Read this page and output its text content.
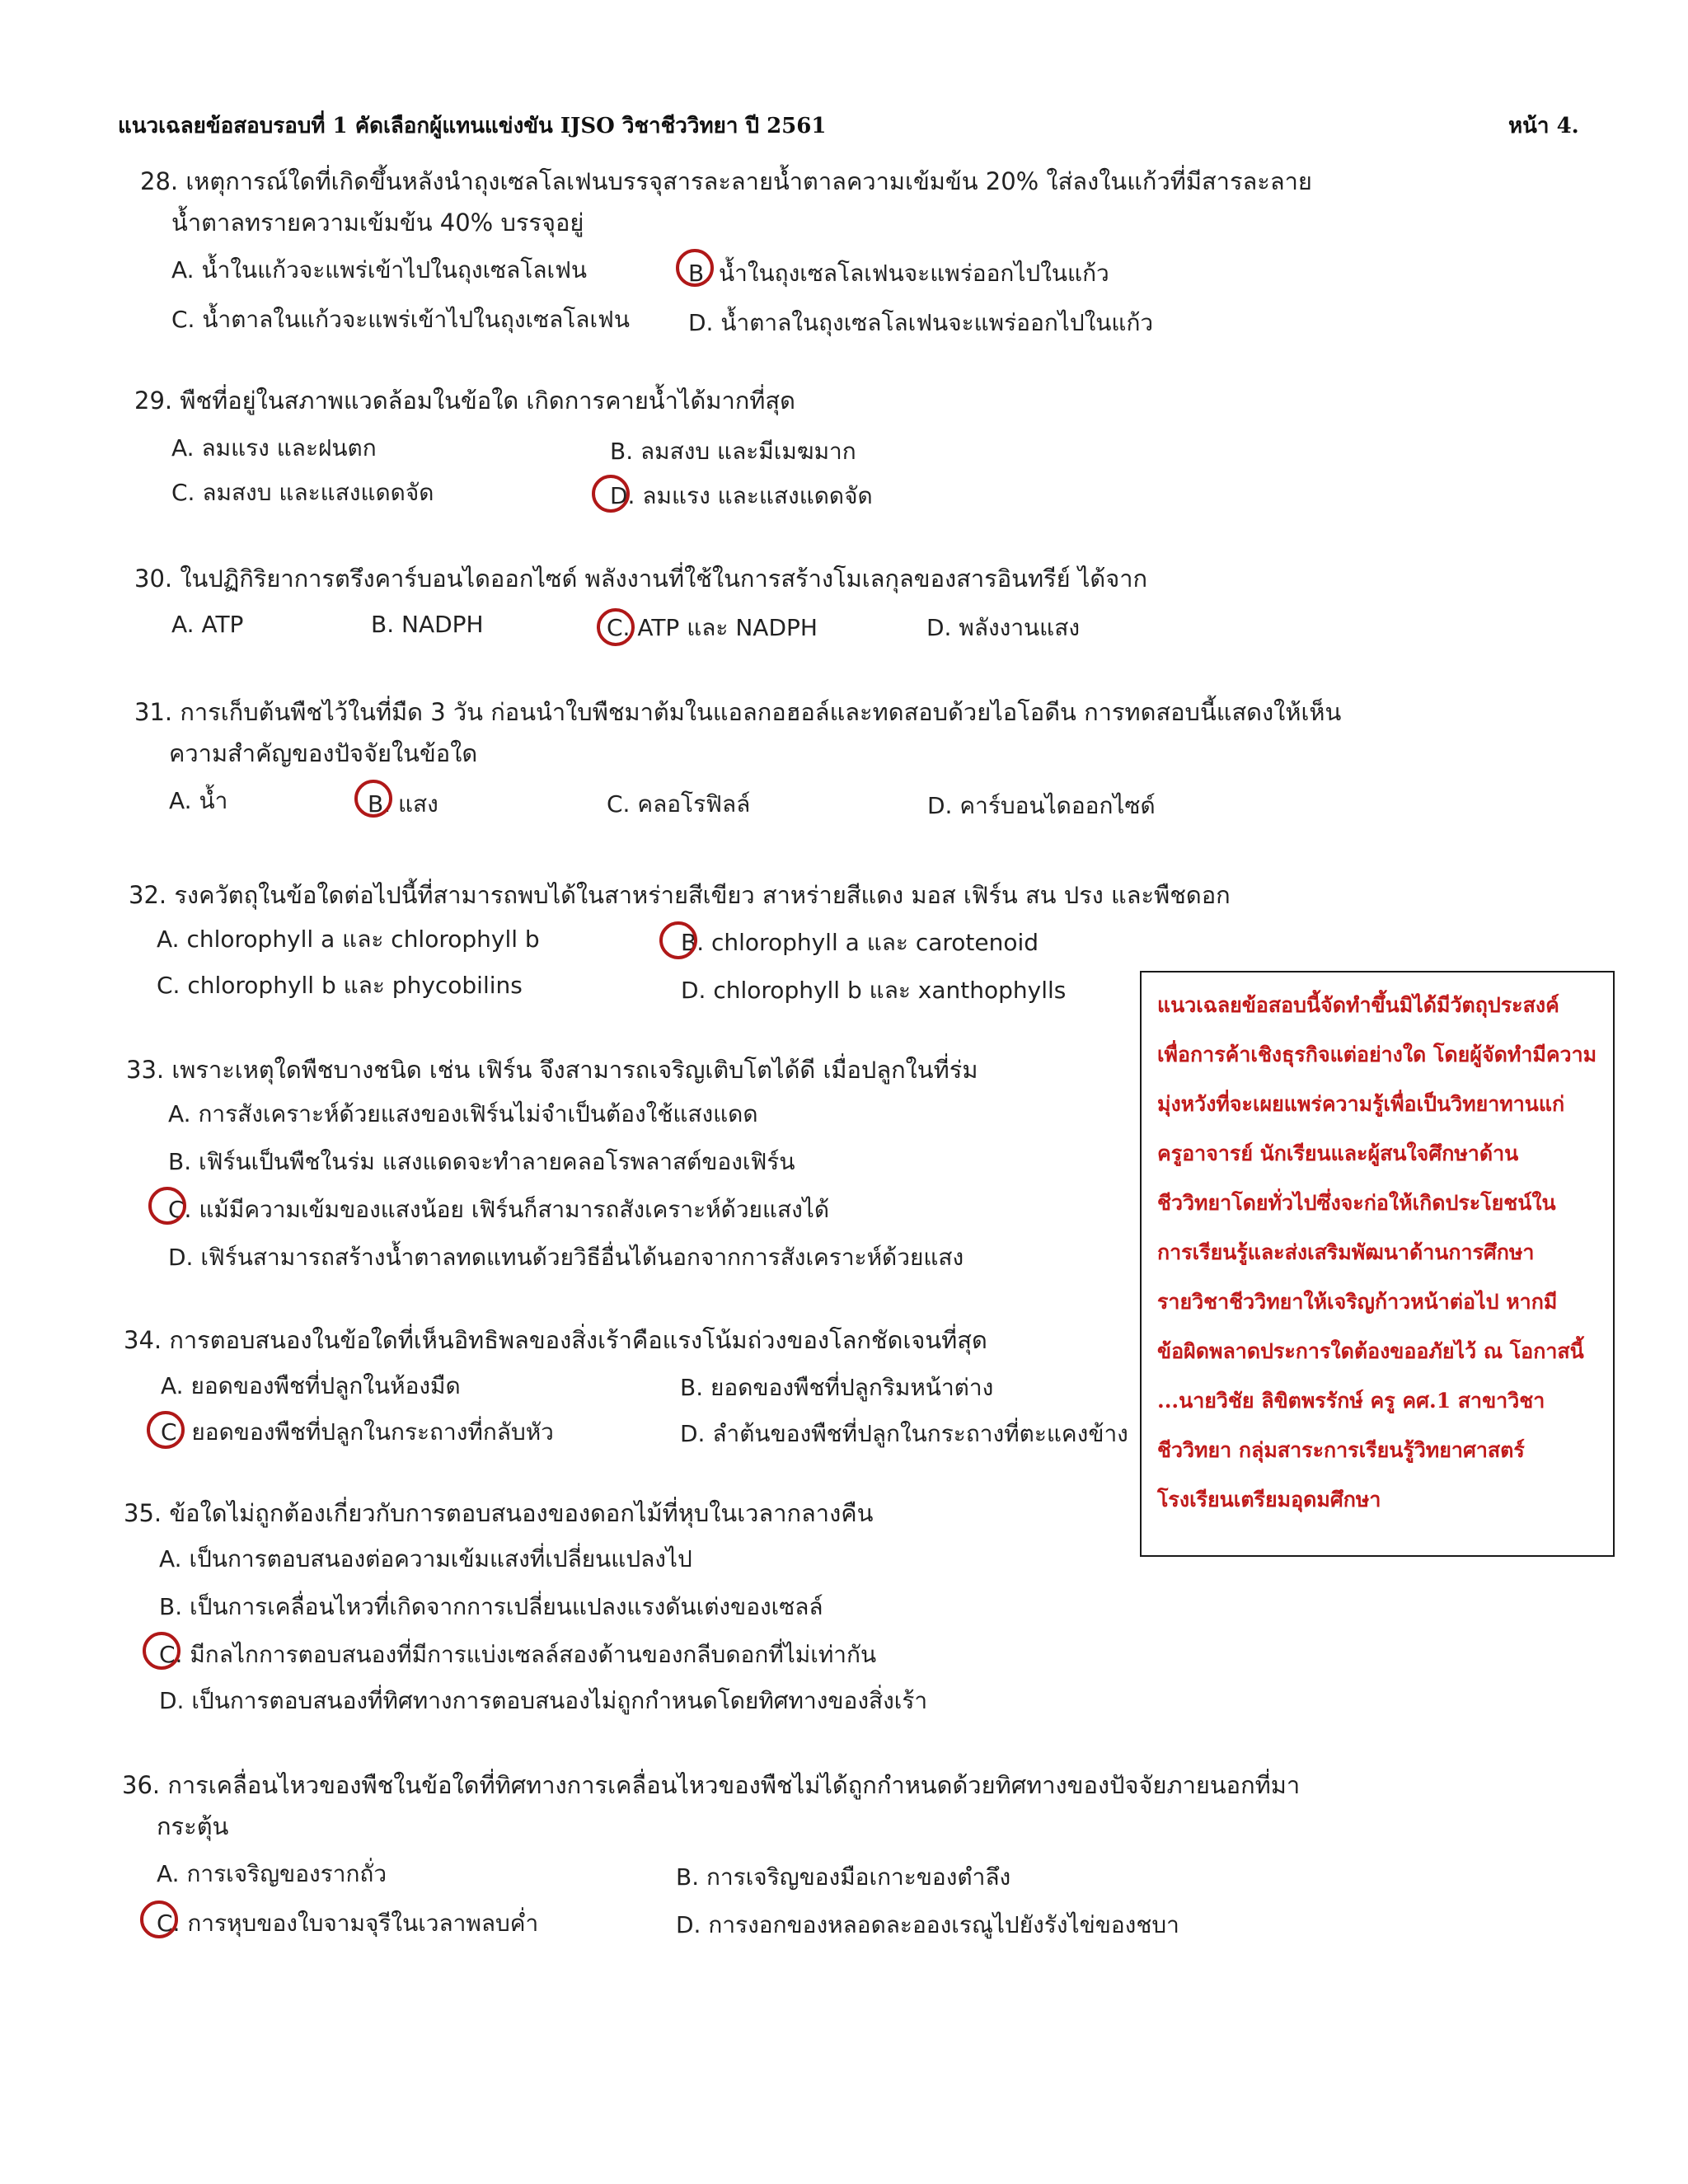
แนวเฉลยข้อสอบรอบที่ 1 คัดเลือกผู้แทนแข่งขัน IJSO วิชาชีววิทยา ปี 2561	หน้า 4.
28. เหตุการณ์ใดที่เกิดขึ้นหลังนำถุงเซลโลเฟนบรรจุสารละลายน้ำตาลความเข้มข้น 20% ใส่ลงในแก้วที่มีสารละลาย
น้ำตาลทรายความเข้มข้น 40% บรรจุอยู่
A. น้ำในแก้วจะแพร่เข้าไปในถุงเซลโลเฟน	B. น้ำในถุงเซลโลเฟนจะแพร่ออกไปในแก้ว
C. น้ำตาลในแก้วจะแพร่เข้าไปในถุงเซลโลเฟน	D. น้ำตาลในถุงเซลโลเฟนจะแพร่ออกไปในแก้ว
29. พืชที่อยู่ในสภาพแวดล้อมในข้อใด เกิดการคายน้ำได้มากที่สุด
A. ลมแรง และฝนตก	B. ลมสงบ และมีเมฆมาก
C. ลมสงบ และแสงแดดจัด	D. ลมแรง และแสงแดดจัด
30. ในปฏิกิริยาการตรึงคาร์บอนไดออกไซด์ พลังงานที่ใช้ในการสร้างโมเลกุลของสารอินทรีย์ ได้จาก
A. ATP	B. NADPH	C. ATP และ NADPH	D. พลังงานแสง
31. การเก็บต้นพืชไว้ในที่มืด 3 วัน ก่อนนำใบพืชมาต้มในแอลกอฮอล์และทดสอบด้วยไอโอดีน การทดสอบนี้แสดงให้เห็น
ความสำคัญของปัจจัยในข้อใด
A. น้ำ	B. แสง	C. คลอโรฟิลล์	D. คาร์บอนไดออกไซด์
32. รงควัตถุในข้อใดต่อไปนี้ที่สามารถพบได้ในสาหร่ายสีเขียว สาหร่ายสีแดง มอส เฟิร์น สน ปรง และพืชดอก
A. chlorophyll a และ chlorophyll b	B. chlorophyll a และ carotenoid
C. chlorophyll b และ phycobilins	D. chlorophyll b และ xanthophylls
33. เพราะเหตุใดพืชบางชนิด เช่น เฟิร์น จึงสามารถเจริญเติบโตได้ดี เมื่อปลูกในที่ร่ม
A. การสังเคราะห์ด้วยแสงของเฟิร์นไม่จำเป็นต้องใช้แสงแดด
B. เฟิร์นเป็นพืชในร่ม แสงแดดจะทำลายคลอโรพลาสต์ของเฟิร์น
C. แม้มีความเข้มของแสงน้อย เฟิร์นก็สามารถสังเคราะห์ด้วยแสงได้
D. เฟิร์นสามารถสร้างน้ำตาลทดแทนด้วยวิธีอื่นได้นอกจากการสังเคราะห์ด้วยแสง
34. การตอบสนองในข้อใดที่เห็นอิทธิพลของสิ่งเร้าคือแรงโน้มถ่วงของโลกชัดเจนที่สุด
A. ยอดของพืชที่ปลูกในห้องมืด	B. ยอดของพืชที่ปลูกริมหน้าต่าง
C. ยอดของพืชที่ปลูกในกระถางที่กลับหัว	D. ลำต้นของพืชที่ปลูกในกระถางที่ตะแคงข้าง
35. ข้อใดไม่ถูกต้องเกี่ยวกับการตอบสนองของดอกไม้ที่หุบในเวลากลางคืน
A. เป็นการตอบสนองต่อความเข้มแสงที่เปลี่ยนแปลงไป
B. เป็นการเคลื่อนไหวที่เกิดจากการเปลี่ยนแปลงแรงดันเต่งของเซลล์
C. มีกลไกการตอบสนองที่มีการแบ่งเซลล์สองด้านของกลีบดอกที่ไม่เท่ากัน
D. เป็นการตอบสนองที่ทิศทางการตอบสนองไม่ถูกกำหนดโดยทิศทางของสิ่งเร้า
36. การเคลื่อนไหวของพืชในข้อใดที่ทิศทางการเคลื่อนไหวของพืชไม่ได้ถูกกำหนดด้วยทิศทางของปัจจัยภายนอกที่มา
กระตุ้น
A. การเจริญของรากถั่ว	B. การเจริญของมือเกาะของตำลึง
C. การหุบของใบจามจุรีในเวลาพลบค่ำ	D. การงอกของหลอดละอองเรณูไปยังรังไข่ของชบา
แนวเฉลยข้อสอบนี้จัดทำขึ้นมิได้มีวัตถุประสงค์
เพื่อการค้าเชิงธุรกิจแต่อย่างใด โดยผู้จัดทำมีความ
มุ่งหวังที่จะเผยแพร่ความรู้เพื่อเป็นวิทยาทานแก่
ครูอาจารย์ นักเรียนและผู้สนใจศึกษาด้าน
ชีววิทยาโดยทั่วไปซึ่งจะก่อให้เกิดประโยชน์ใน
การเรียนรู้และส่งเสริมพัฒนาด้านการศึกษา
รายวิชาชีววิทยาให้เจริญก้าวหน้าต่อไป หากมี
ข้อผิดพลาดประการใดต้องขออภัยไว้ ณ โอกาสนี้
...นายวิชัย ลิขิตพรรักษ์ ครู คศ.1 สาขาวิชา
ชีววิทยา กลุ่มสาระการเรียนรู้วิทยาศาสตร์
โรงเรียนเตรียมอุดมศึกษา
